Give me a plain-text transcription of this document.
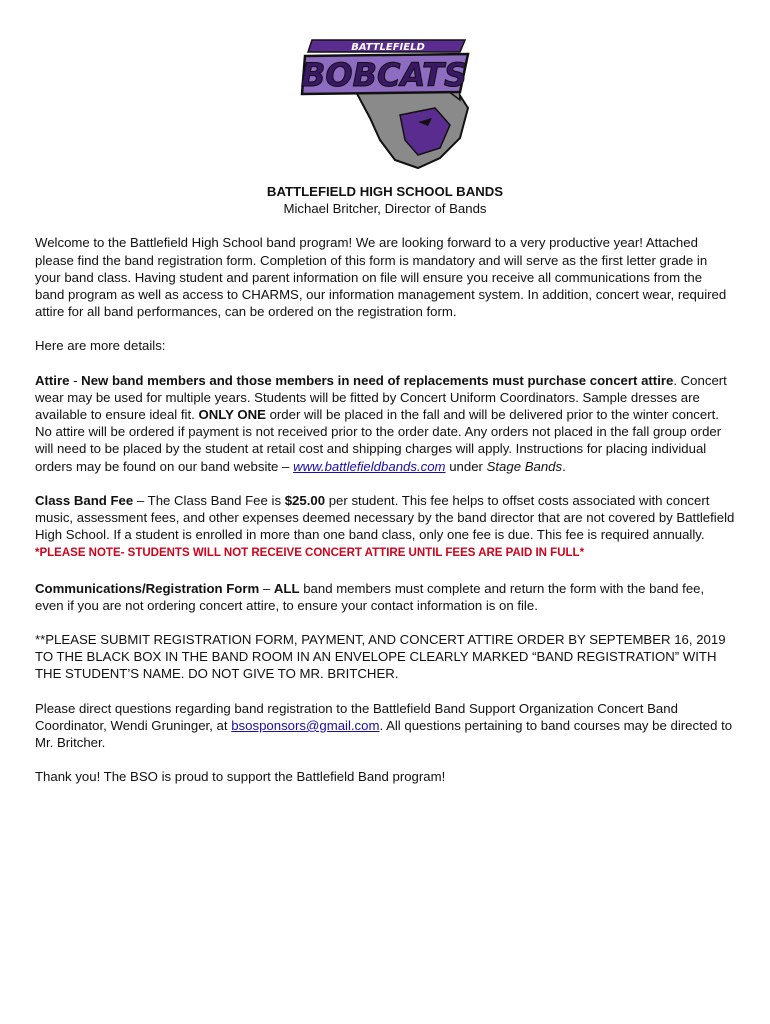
BATTLEFIELD
BOBCATS

BATTLEFIELD HIGH SCHOOL BANDS

Michael Britcher, Director of Bands

Welcome to the Battlefield High School band program! We are looking forward to a very productive year! Attached please find the band registration form. Completion of this form is mandatory and will serve as the first letter grade in your band class. Having student and parent information on file will ensure you receive all communications from the band program as well as access to CHARMS, our information management system. In addition, concert wear, required attire for all band performances, can be ordered on the registration form.

Here are more details:

Attire - New band members and those members in need of replacements must purchase concert attire. Concert wear may be used for multiple years. Students will be fitted by Concert Uniform Coordinators. Sample dresses are available to ensure ideal fit. ONLY ONE order will be placed in the fall and will be delivered prior to the winter concert. No attire will be ordered if payment is not received prior to the order date. Any orders not placed in the fall group order will need to be placed by the student at retail cost and shipping charges will apply. Instructions for placing individual orders may be found on our band website – www.battlefieldbands.com under Stage Bands.

Class Band Fee – The Class Band Fee is $25.00 per student. This fee helps to offset costs associated with concert music, assessment fees, and other expenses deemed necessary by the band director that are not covered by Battlefield High School. If a student is enrolled in more than one band class, only one fee is due. This fee is required annually. *PLEASE NOTE- STUDENTS WILL NOT RECEIVE CONCERT ATTIRE UNTIL FEES ARE PAID IN FULL*

Communications/Registration Form – ALL band members must complete and return the form with the band fee, even if you are not ordering concert attire, to ensure your contact information is on file.

**PLEASE SUBMIT REGISTRATION FORM, PAYMENT, AND CONCERT ATTIRE ORDER BY SEPTEMBER 16, 2019 TO THE BLACK BOX IN THE BAND ROOM IN AN ENVELOPE CLEARLY MARKED “BAND REGISTRATION” WITH THE STUDENT’S NAME. DO NOT GIVE TO MR. BRITCHER.

Please direct questions regarding band registration to the Battlefield Band Support Organization Concert Band Coordinator, Wendi Gruninger, at bsosponsors@gmail.com. All questions pertaining to band courses may be directed to Mr. Britcher.

Thank you! The BSO is proud to support the Battlefield Band program!
